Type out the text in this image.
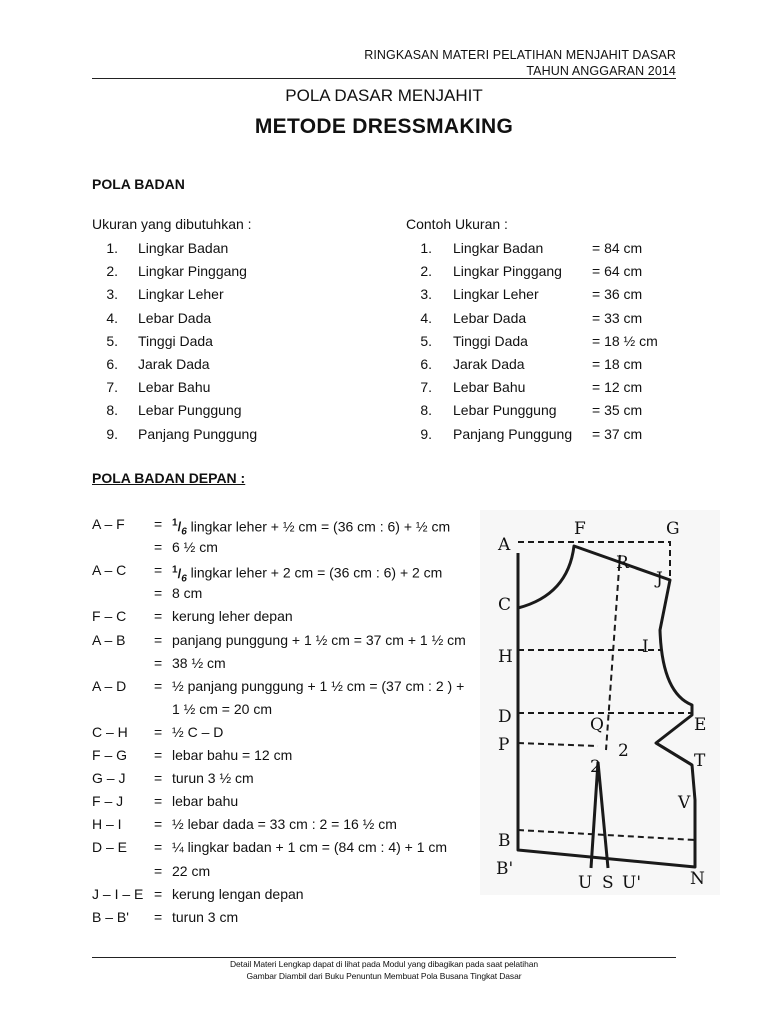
RINGKASAN MATERI PELATIHAN MENJAHIT DASAR
TAHUN ANGGARAN 2014
POLA DASAR MENJAHIT
METODE DRESSMAKING
POLA BADAN
Ukuran yang dibutuhkan :	Contoh Ukuran :
1. Lingkar Badan
2. Lingkar Pinggang
3. Lingkar Leher
4. Lebar Dada
5. Tinggi Dada
6. Jarak Dada
7. Lebar Bahu
8. Lebar Punggung
9. Panjang Punggung
1. Lingkar Badan	= 84 cm
2. Lingkar Pinggang = 64 cm
3. Lingkar Leher	= 36 cm
4. Lebar Dada	= 33 cm
5. Tinggi Dada	= 18 ½ cm
6. Jarak Dada	= 18 cm
7. Lebar Bahu	= 12 cm
8. Lebar Punggung	= 35 cm
9. Panjang Punggung = 37 cm
POLA BADAN DEPAN :
$A - F = ^1/_6$ lingkar leher + ½ cm = (36 cm : 6) + ½ cm
= 6 ½ cm
$A - C = ^1/_6$ lingkar leher + 2 cm = (36 cm : 6) + 2 cm
= 8 cm
F – C = kerung leher depan
A – B = panjang punggung + 1 ½ cm = 37 cm + 1 ½ cm
= 38 ½ cm
A – D = ½ panjang punggung + 1 ½ cm = (37 cm : 2 ) +
1 ½ cm = 20 cm
C – H = ½ C – D
F – G = lebar bahu = 12 cm
G – J = turun 3 ½ cm
F – J = lebar bahu
H – I = ½ lebar dada = 33 cm : 2 = 16 ½ cm
D – E = ¼ lingkar badan + 1 cm = (84 cm : 4) + 1 cm
= 22 cm
J – I – E = kerung lengan depan
B – B' = turun 3 cm
A
F	G
R
J
C
H	I
D	Q	E
P	2
2	T
V
B
B'
U S U'	N
Detail Materi Lengkap dapat di lihat pada Modul yang dibagikan pada saat pelatihan
Gambar Diambil dari Buku Penuntun Membuat Pola Busana Tingkat Dasar
